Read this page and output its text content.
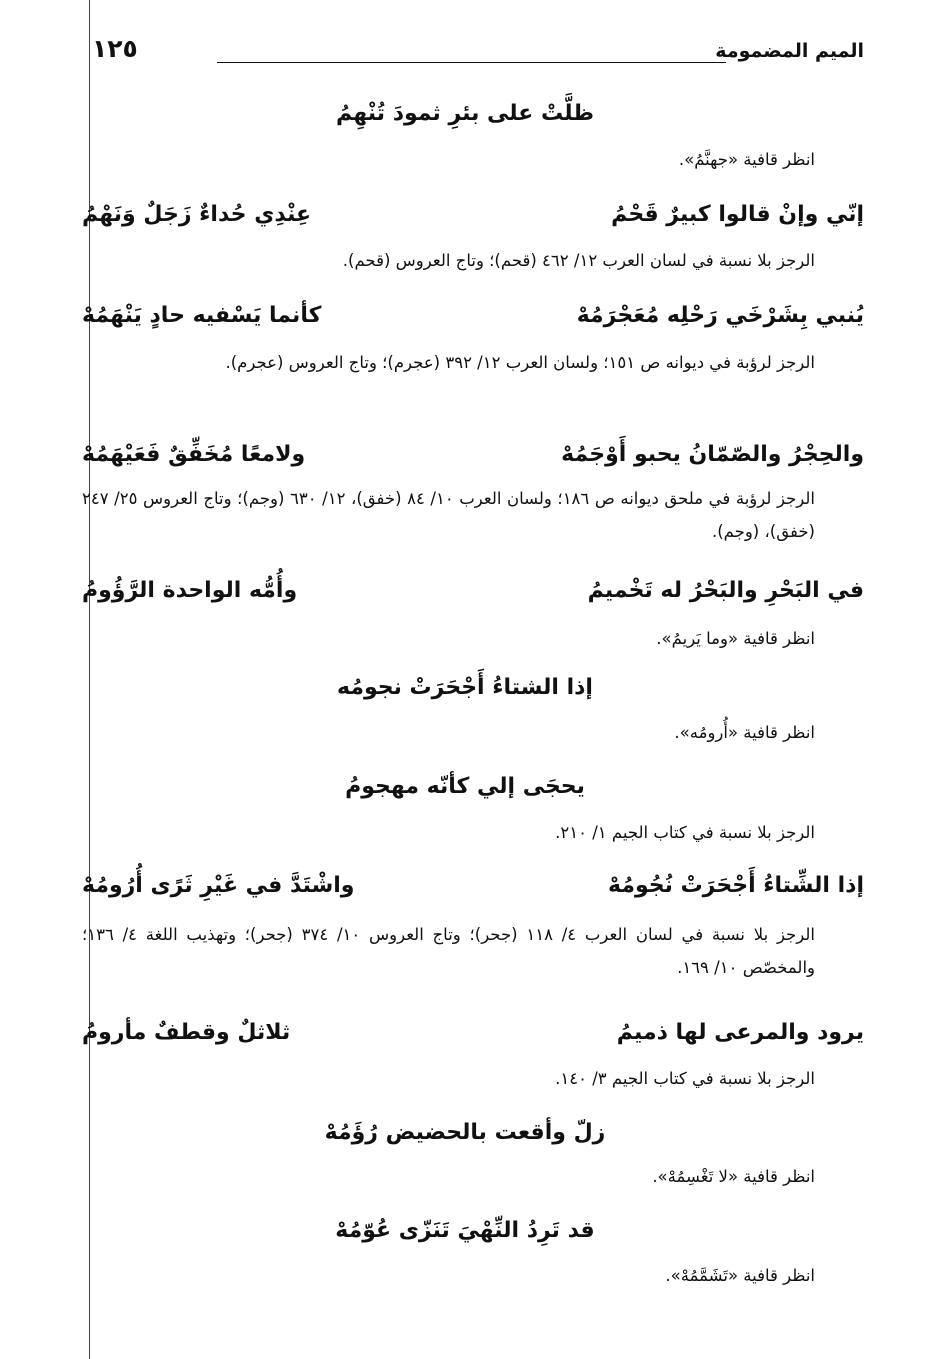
الميم المضمومة
١٢٥
ظلَّتْ على بئرِ ثمودَ تُنْهِمُ
انظر قافية «جهنَّمُ».
إنّي وإنْ قالوا كبيرٌ قَحْمُ
عِنْدِي حُداءٌ زَجَلٌ وَنَهْمُ
الرجز بلا نسبة في لسان العرب ١٢/ ٤٦٢ (قحم)؛ وتاج العروس (قحم).
يُنبي بِشَرْخَي رَحْلِه مُعَجْرَمُهْ
كأنما يَسْفيه حادٍ يَنْهَمُهْ
الرجز لرؤبة في ديوانه ص ١٥١؛ ولسان العرب ١٢/ ٣٩٢ (عجرم)؛ وتاج العروس (عجرم).
والحِجْرُ والصّمّانُ يحبو أَوْجَمُهْ
ولامعًا مُخَفِّقٌ فَعَيْهَمُهْ
الرجز لرؤبة في ملحق ديوانه ص ١٨٦؛ ولسان العرب ١٠/ ٨٤ (خفق)، ١٢/ ٦٣٠ (وجم)؛ وتاج العروس ٢٥/ ٢٤٧ (خفق)، (وجم).
في البَحْرِ والبَحْرُ له تَخْميمُ
وأُمُّه الواحدة الرَّؤُومُ
انظر قافية «وما يَريمُ».
إذا الشتاءُ أَجْحَرَتْ نجومُه
انظر قافية «أُرومُه».
يحجَى إلي كأنّه مهجومُ
الرجز بلا نسبة في كتاب الجيم ١/ ٢١٠.
إذا الشِّتاءُ أَجْحَرَتْ نُجُومُهْ
واشْتَدَّ في غَيْرِ ثَرًى أُرُومُهْ
الرجز بلا نسبة في لسان العرب ٤/ ١١٨ (جحر)؛ وتاج العروس ١٠/ ٣٧٤ (جحر)؛ وتهذيب اللغة ٤/ ١٣٦؛ والمخصّص ١٠/ ١٦٩.
يرود والمرعى لها ذميمُ
ثلاثلٌ وقطفٌ مأرومُ
الرجز بلا نسبة في كتاب الجيم ٣/ ١٤٠.
زلّ وأقعت بالحضيض رُؤَمُهْ
انظر قافية «لا تَغْسِمُهْ».
قد تَرِدُ النِّهْيَ تَنَزّى عُوّمُهْ
انظر قافية «تَشَمَّمُهْ».
